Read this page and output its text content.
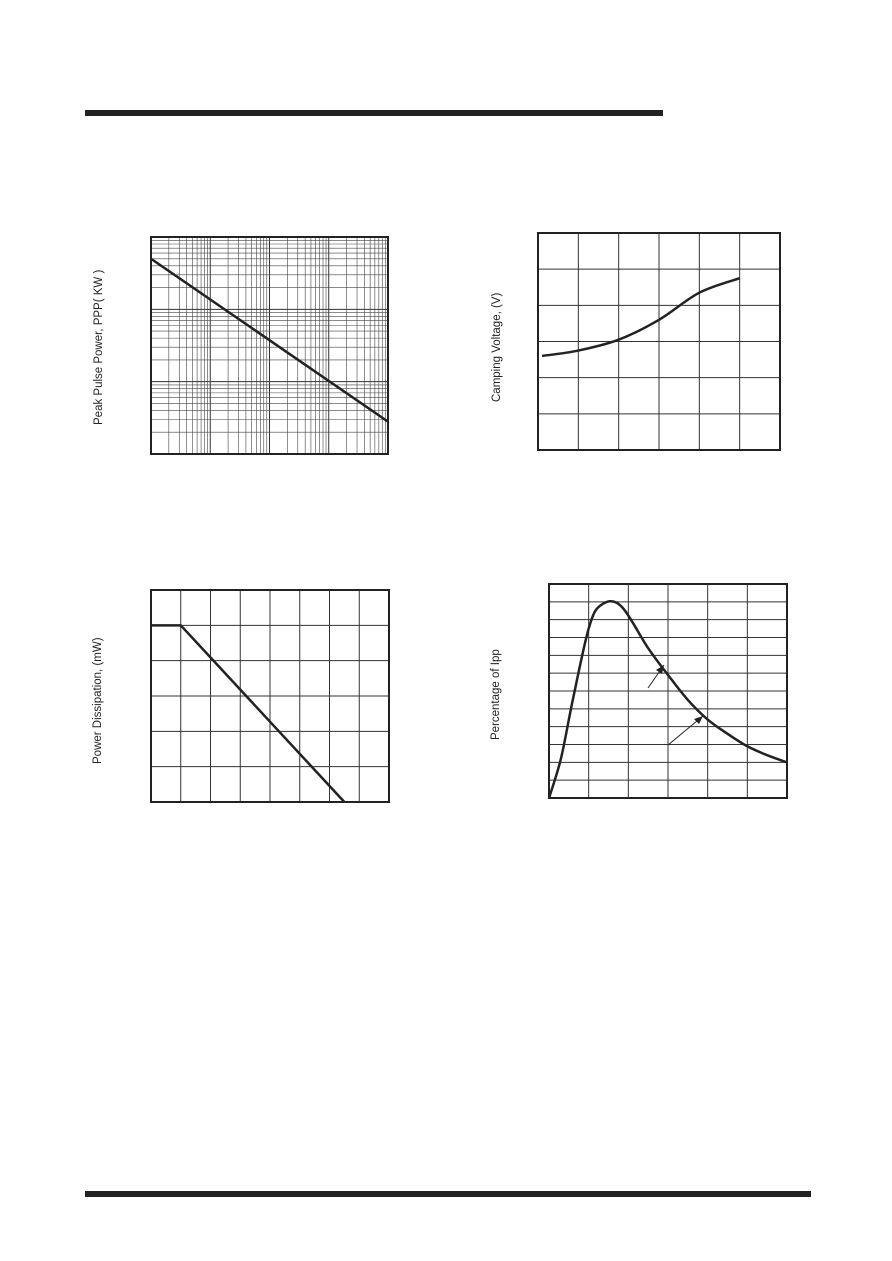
Peak Pulse Power, PPP( KW )	Camping Voltage, (V)
Power Dissipation, (mW)	Percentage of Ipp
